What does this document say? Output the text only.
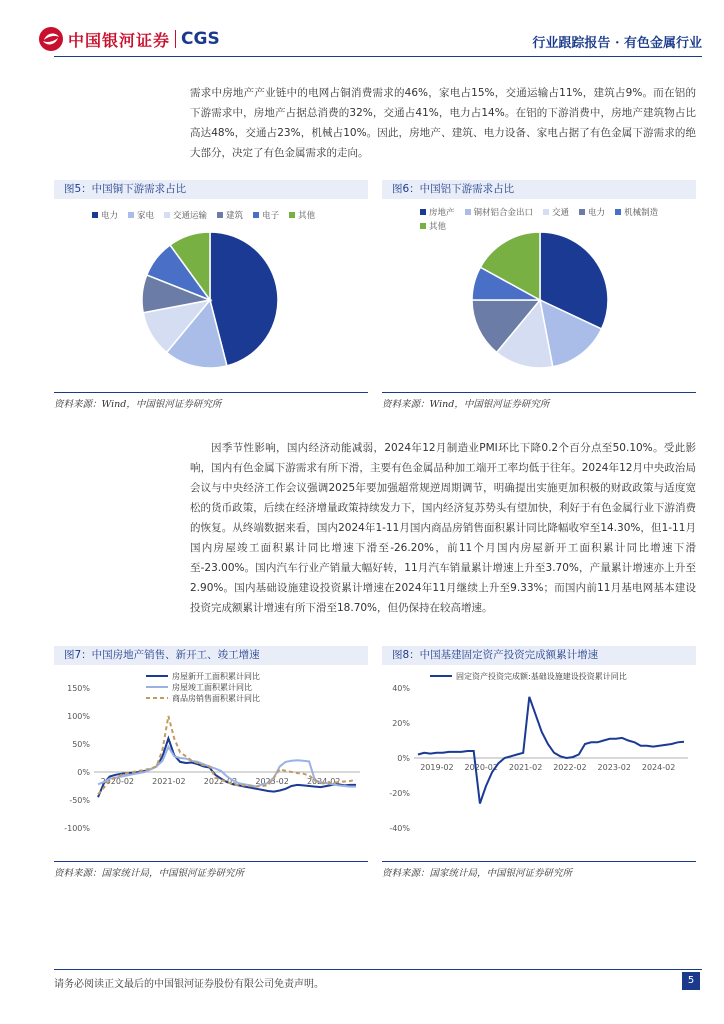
中国银河证券 CGS	行业跟踪报告 · 有色金属行业

需求中房地产产业链中的电网占铜消费需求的46%，家电占15%，交通运输占11%，建筑占9%。而在铝的下游需求中，房地产占据总消费的32%，交通占41%，电力占14%。在铝的下游消费中，房地产建筑物占比高达48%，交通占23%，机械占10%。因此，房地产、建筑、电力设备、家电占据了有色金属下游需求的绝大部分，决定了有色金属需求的走向。

图5：中国铜下游需求占比
电力 家电 交通运输 建筑 电子 其他
资料来源：Wind，中国银河证券研究所
图6：中国铝下游需求占比
房地产 铜材铝合金出口 交通 电力 机械制造
其他
资料来源：Wind，中国银河证券研究所

因季节性影响，国内经济动能减弱，2024年12月制造业PMI环比下降0.2个百分点至50.10%。受此影响，国内有色金属下游需求有所下滑，主要有色金属品种加工端开工率均低于往年。2024年12月中央政治局会议与中央经济工作会议强调2025年要加强超常规逆周期调节，明确提出实施更加积极的财政政策与适度宽松的货币政策，后续在经济增量政策持续发力下，国内经济复苏势头有望加快，利好于有色金属行业下游消费的恢复。从终端数据来看，国内2024年1-11月国内商品房销售面积累计同比降幅收窄至14.30%，但1-11月国内房屋竣工面积累计同比增速下滑至-26.20%，前11个月国内房屋新开工面积累计同比增速下滑至-23.00%。国内汽车行业产销量大幅好转，11月汽车销量累计增速上升至3.70%，产量累计增速亦上升至2.90%。国内基础设施建设投资累计增速在2024年11月继续上升至9.33%；而国内前11月基电网基本建设投资完成额累计增速有所下滑至18.70%，但仍保持在较高增速。

图7：中国房地产销售、新开工、竣工增速
150%
100%
50%
0%
-50%
-100%
2020-02 2021-02 2022-02 2023-02 2024-02
房屋新开工面积累计同比
房屋竣工面积累计同比
商品房销售面积累计同比
资料来源：国家统计局，中国银河证券研究所
图8：中国基建固定资产投资完成额累计增速
40%
20%
0%
-20%
-40%
2019-02 2020-02 2021-02 2022-02 2023-02 2024-02
固定资产投资完成额:基础设施建设投资累计同比
资料来源：国家统计局，中国银河证券研究所
请务必阅读正文最后的中国银河证券股份有限公司免责声明。	5
